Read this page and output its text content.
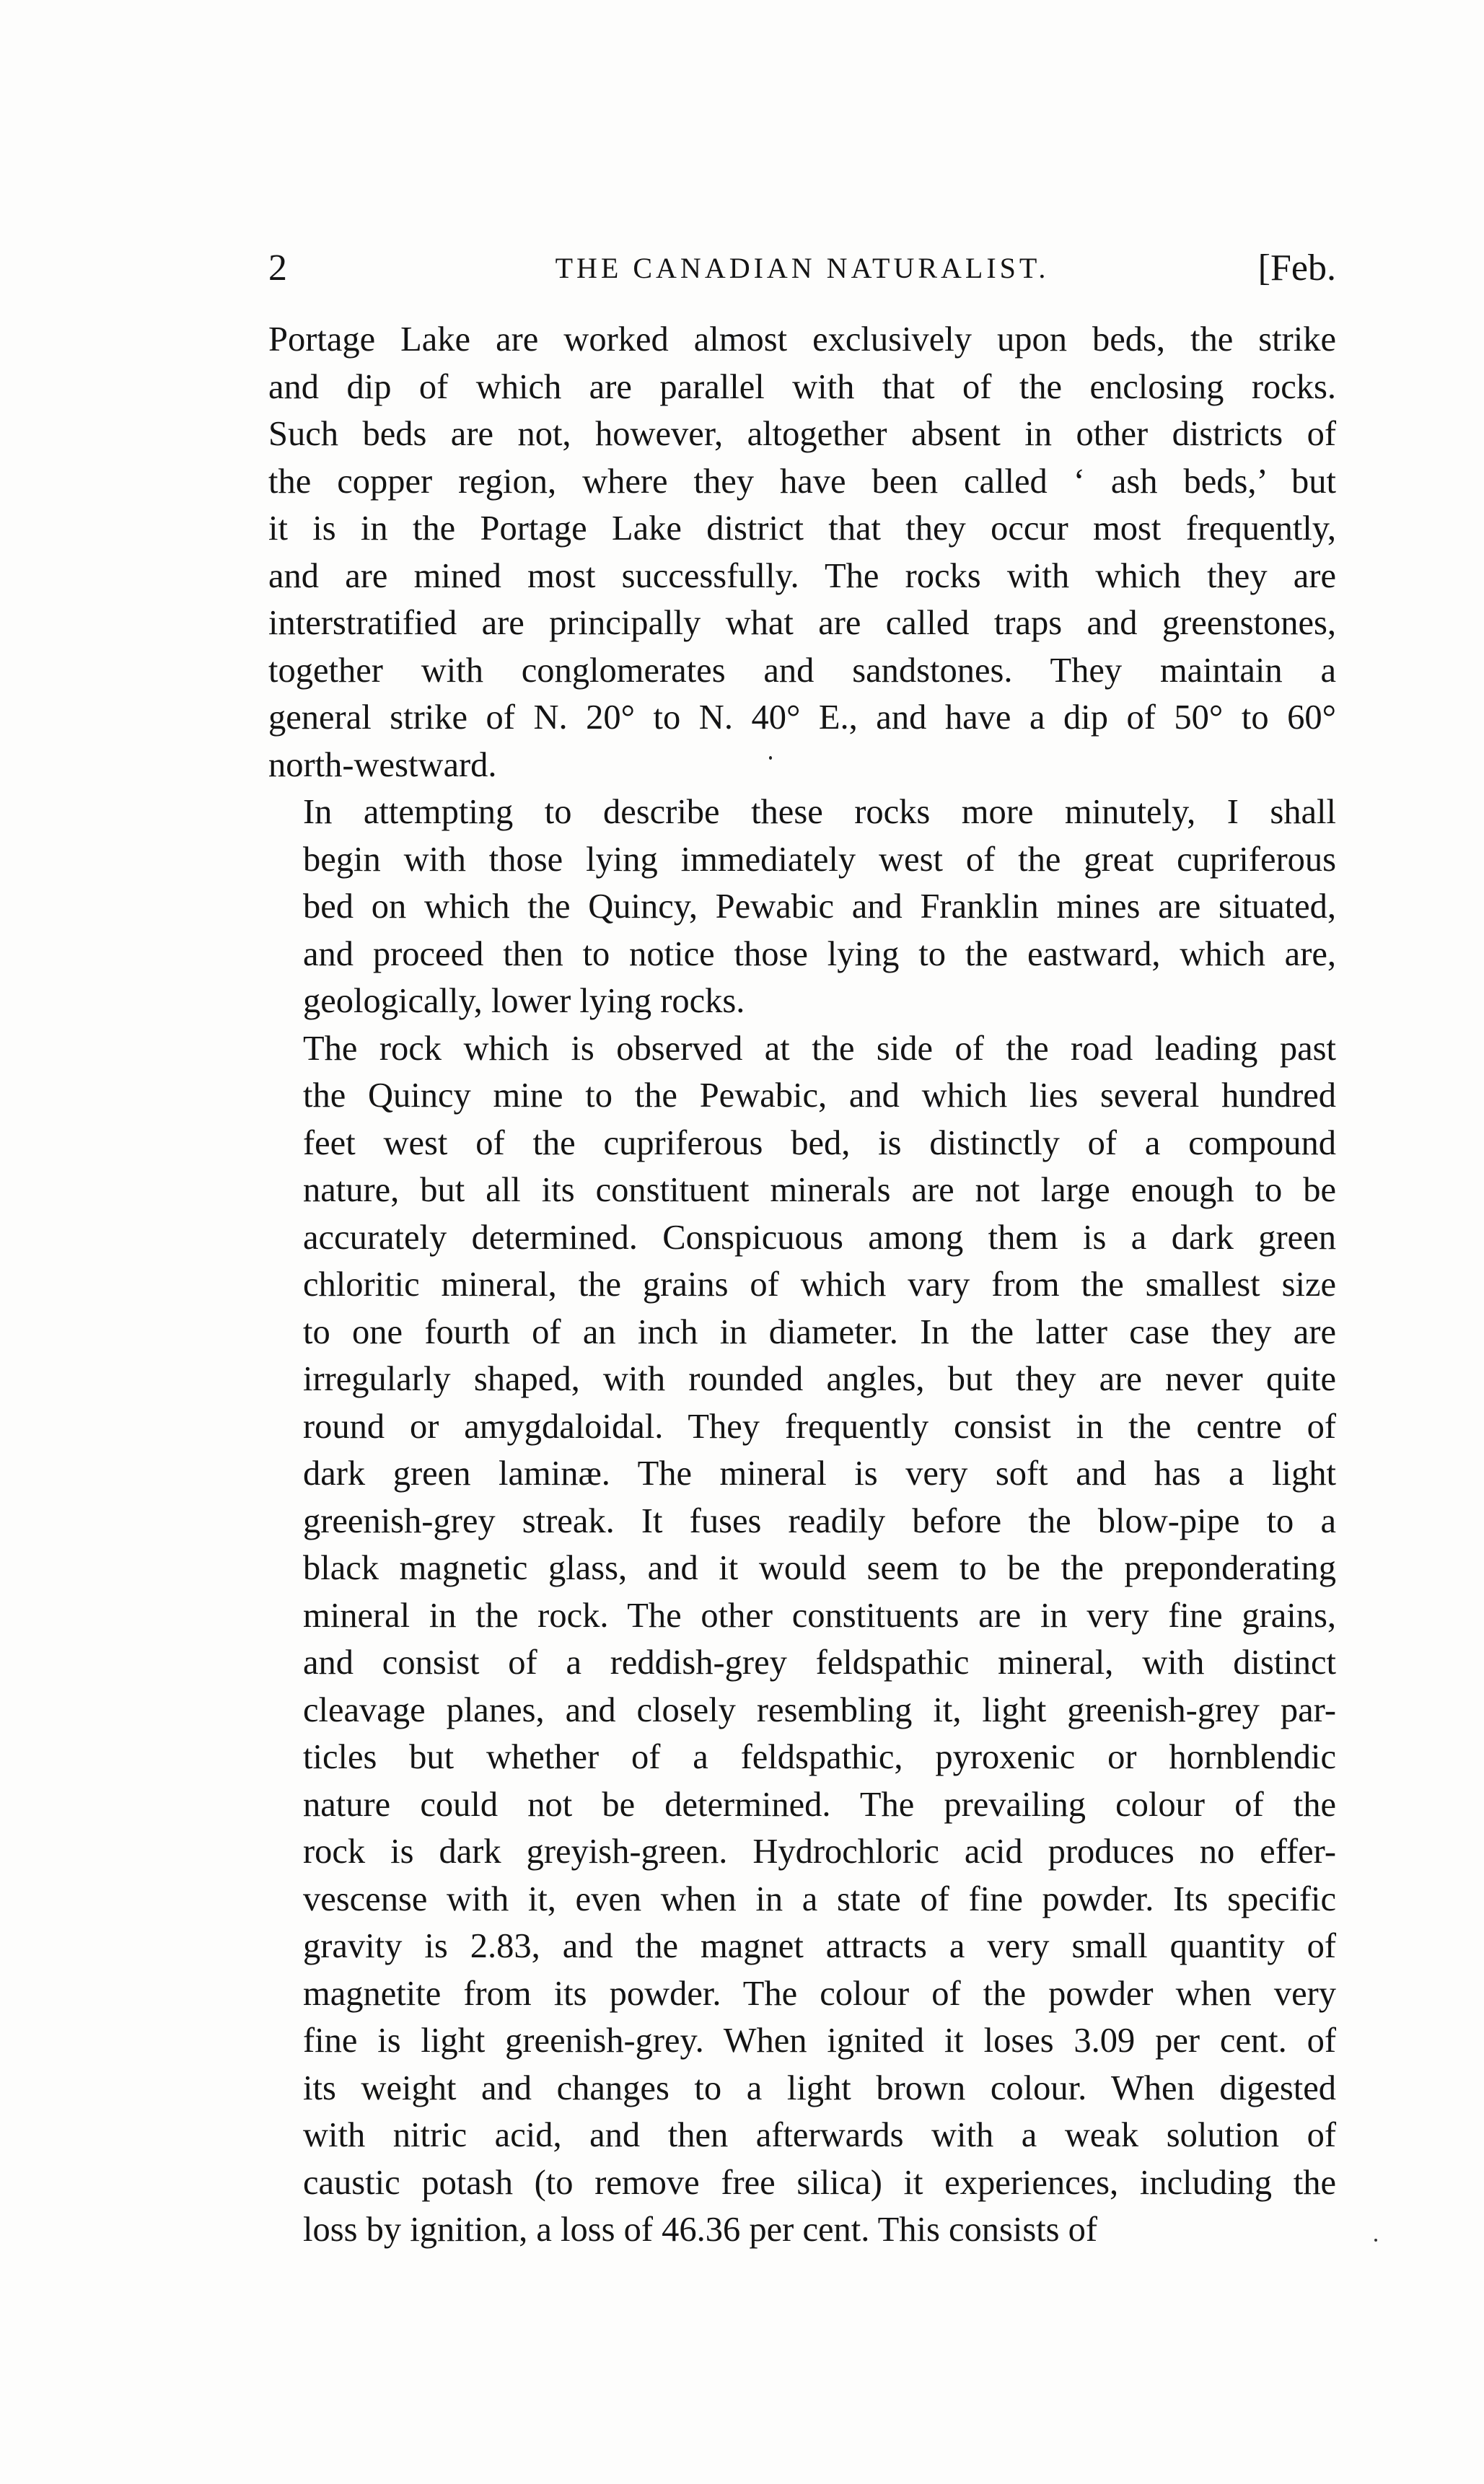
2	THE CANADIAN NATURALIST.	[Feb.
Portage Lake are worked almost exclusively upon beds, the strike
and dip of which are parallel with that of the enclosing rocks.
Such beds are not, however, altogether absent in other districts of
the copper region, where they have been called ‘ ash beds,’ but
it is in the Portage Lake district that they occur most frequently,
and are mined most successfully. The rocks with which they are
interstratified are principally what are called traps and greenstones,
together with conglomerates and sandstones. They maintain a
general strike of N. 20° to N. 40° E., and have a dip of 50° to 60°
north-westward.
In attempting to describe these rocks more minutely, I shall
begin with those lying immediately west of the great cupriferous
bed on which the Quincy, Pewabic and Franklin mines are situated,
and proceed then to notice those lying to the eastward, which are,
geologically, lower lying rocks.
The rock which is observed at the side of the road leading past
the Quincy mine to the Pewabic, and which lies several hundred
feet west of the cupriferous bed, is distinctly of a compound
nature, but all its constituent minerals are not large enough to be
accurately determined. Conspicuous among them is a dark green
chloritic mineral, the grains of which vary from the smallest size
to one fourth of an inch in diameter. In the latter case they are
irregularly shaped, with rounded angles, but they are never quite
round or amygdaloidal. They frequently consist in the centre of
dark green laminæ. The mineral is very soft and has a light
greenish-grey streak. It fuses readily before the blow-pipe to a
black magnetic glass, and it would seem to be the preponderating
mineral in the rock. The other constituents are in very fine grains,
and consist of a reddish-grey feldspathic mineral, with distinct
cleavage planes, and closely resembling it, light greenish-grey par-
ticles but whether of a feldspathic, pyroxenic or hornblendic
nature could not be determined. The prevailing colour of the
rock is dark greyish-green. Hydrochloric acid produces no effer-
vescense with it, even when in a state of fine powder. Its specific
gravity is 2.83, and the magnet attracts a very small quantity of
magnetite from its powder. The colour of the powder when very
fine is light greenish-grey. When ignited it loses 3.09 per cent. of
its weight and changes to a light brown colour. When digested
with nitric acid, and then afterwards with a weak solution of
caustic potash (to remove free silica) it experiences, including the
loss by ignition, a loss of 46.36 per cent. This consists of
